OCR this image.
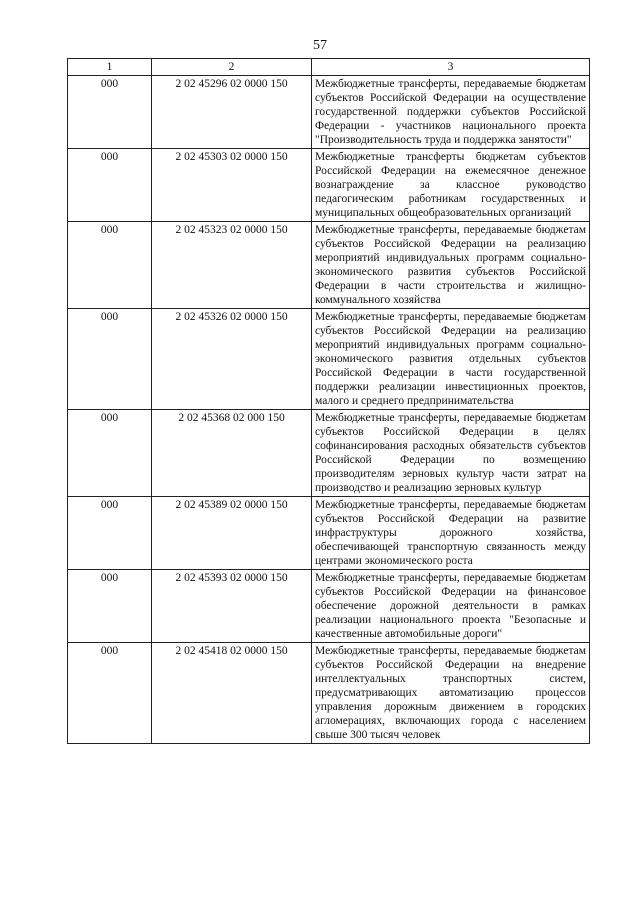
57
1	2	3
000	2 02 45296 02 0000 150	Межбюджетные трансферты, передаваемые бюджетам субъектов Российской Федерации на осуществление государственной поддержки субъектов Российской Федерации - участников национального проекта "Производительность труда и поддержка занятости"
000	2 02 45303 02 0000 150	Межбюджетные трансферты бюджетам субъектов Российской Федерации на ежемесячное денежное вознаграждение за классное руководство педагогическим работникам государственных и муниципальных общеобразовательных организаций
000	2 02 45323 02 0000 150	Межбюджетные трансферты, передаваемые бюджетам субъектов Российской Федерации на реализацию мероприятий индивидуальных программ социально-экономического развития субъектов Российской Федерации в части строительства и жилищно-коммунального хозяйства
000	2 02 45326 02 0000 150	Межбюджетные трансферты, передаваемые бюджетам субъектов Российской Федерации на реализацию мероприятий индивидуальных программ социально-экономического развития отдельных субъектов Российской Федерации в части государственной поддержки реализации инвестиционных проектов, малого и среднего предпринимательства
000	2 02 45368 02 000 150	Межбюджетные трансферты, передаваемые бюджетам субъектов Российской Федерации в целях софинансирования расходных обязательств субъектов Российской Федерации по возмещению производителям зерновых культур части затрат на производство и реализацию зерновых культур
000	2 02 45389 02 0000 150	Межбюджетные трансферты, передаваемые бюджетам субъектов Российской Федерации на развитие инфраструктуры дорожного хозяйства, обеспечивающей транспортную связанность между центрами экономического роста
000	2 02 45393 02 0000 150	Межбюджетные трансферты, передаваемые бюджетам субъектов Российской Федерации на финансовое обеспечение дорожной деятельности в рамках реализации национального проекта "Безопасные и качественные автомобильные дороги"
000	2 02 45418 02 0000 150	Межбюджетные трансферты, передаваемые бюджетам субъектов Российской Федерации на внедрение интеллектуальных транспортных систем, предусматривающих автоматизацию процессов управления дорожным движением в городских агломерациях, включающих города с населением свыше 300 тысяч человек
